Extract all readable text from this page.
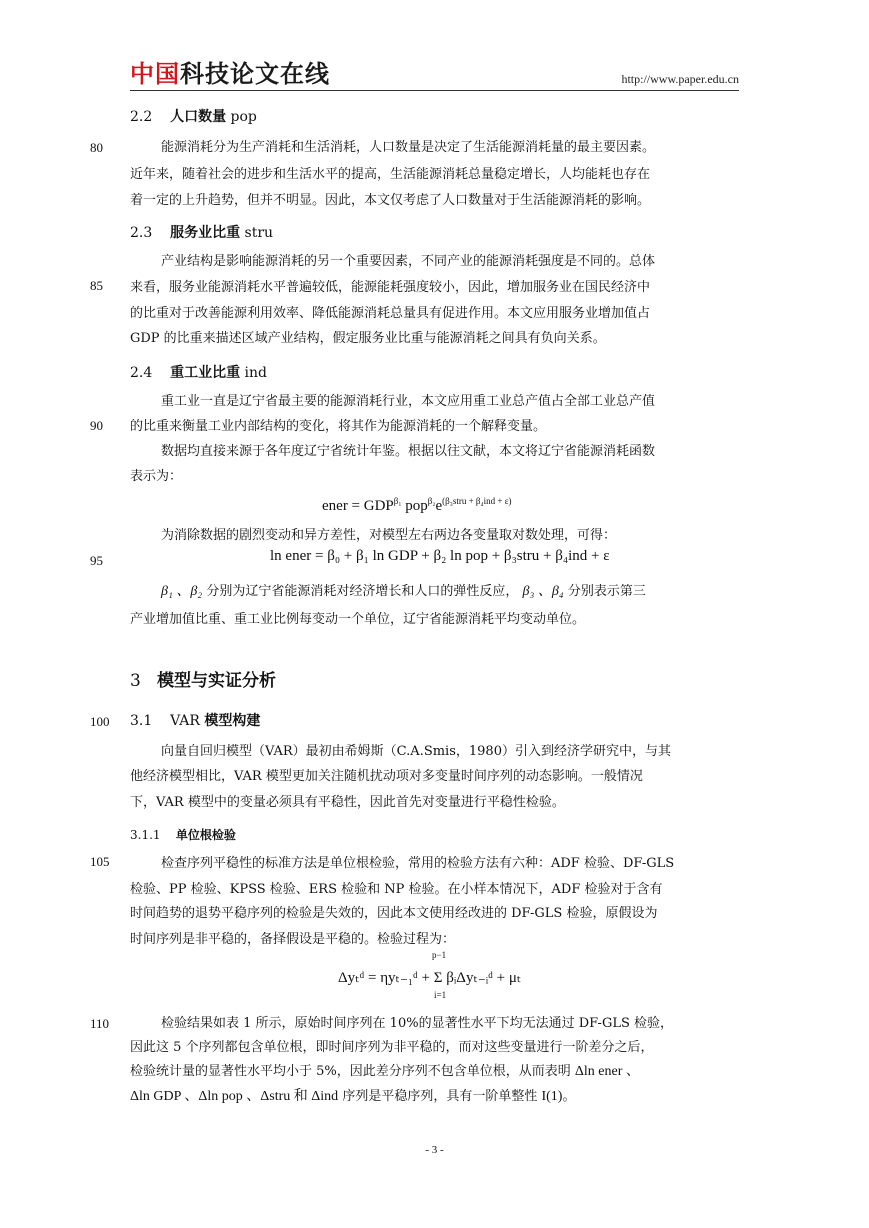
中国科技论文在线	http://www.paper.edu.cn
80
85
90
95
100
105
110
2.2 人口数量 pop
能源消耗分为生产消耗和生活消耗，人口数量是决定了生活能源消耗量的最主要因素。
近年来，随着社会的进步和生活水平的提高，生活能源消耗总量稳定增长，人均能耗也存在
着一定的上升趋势，但并不明显。因此，本文仅考虑了人口数量对于生活能源消耗的影响。
2.3 服务业比重 stru
产业结构是影响能源消耗的另一个重要因素，不同产业的能源消耗强度是不同的。总体
来看，服务业能源消耗水平普遍较低，能源能耗强度较小，因此，增加服务业在国民经济中
的比重对于改善能源利用效率、降低能源消耗总量具有促进作用。本文应用服务业增加值占
GDP 的比重来描述区域产业结构，假定服务业比重与能源消耗之间具有负向关系。
2.4 重工业比重 ind
重工业一直是辽宁省最主要的能源消耗行业，本文应用重工业总产值占全部工业总产值
的比重来衡量工业内部结构的变化，将其作为能源消耗的一个解释变量。
数据均直接来源于各年度辽宁省统计年鉴。根据以往文献，本文将辽宁省能源消耗函数
表示为：
ener = $GDP^{\beta_1}$ $pop^{\beta_2}e^{(\beta_3stru + \beta_4ind + \varepsilon)}$
为消除数据的剧烈变动和异方差性，对模型左右两边各变量取对数处理，可得：
ln ener = β₀ + β₁ ln GDP + β₂ ln pop + β₃stru + β₄ind + ε
β₁ 、β₂ 分别为辽宁省能源消耗对经济增长和人口的弹性反应， β₃ 、β₄ 分别表示第三
产业增加值比重、重工业比例每变动一个单位，辽宁省能源消耗平均变动单位。
3 模型与实证分析
3.1 VAR 模型构建
向量自回归模型（VAR）最初由希姆斯（C.A.Smis，1980）引入到经济学研究中，与其
他经济模型相比，VAR 模型更加关注随机扰动项对多变量时间序列的动态影响。一般情况
下，VAR 模型中的变量必须具有平稳性，因此首先对变量进行平稳性检验。
3.1.1 单位根检验
检查序列平稳性的标准方法是单位根检验，常用的检验方法有六种：ADF 检验、DF-GLS
检验、PP 检验、KPSS 检验、ERS 检验和 NP 检验。在小样本情况下，ADF 检验对于含有
时间趋势的退势平稳序列的检验是失效的，因此本文使用经改进的 DF-GLS 检验，原假设为
时间序列是非平稳的，备择假设是平稳的。检验过程为：
Δyₜᵈ = ηyₜ₋₁ᵈ + Σ βᵢΔyₜ₋ᵢᵈ + μₜ
p−1
i=1
检验结果如表 1 所示，原始时间序列在 10%的显著性水平下均无法通过 DF-GLS 检验，
因此这 5 个序列都包含单位根，即时间序列为非平稳的，而对这些变量进行一阶差分之后，
检验统计量的显著性水平均小于 5%，因此差分序列不包含单位根，从而表明 Δln ener 、
Δln GDP 、Δln pop 、Δstru 和 Δind 序列是平稳序列，具有一阶单整性 I(1)。
- 3 -
